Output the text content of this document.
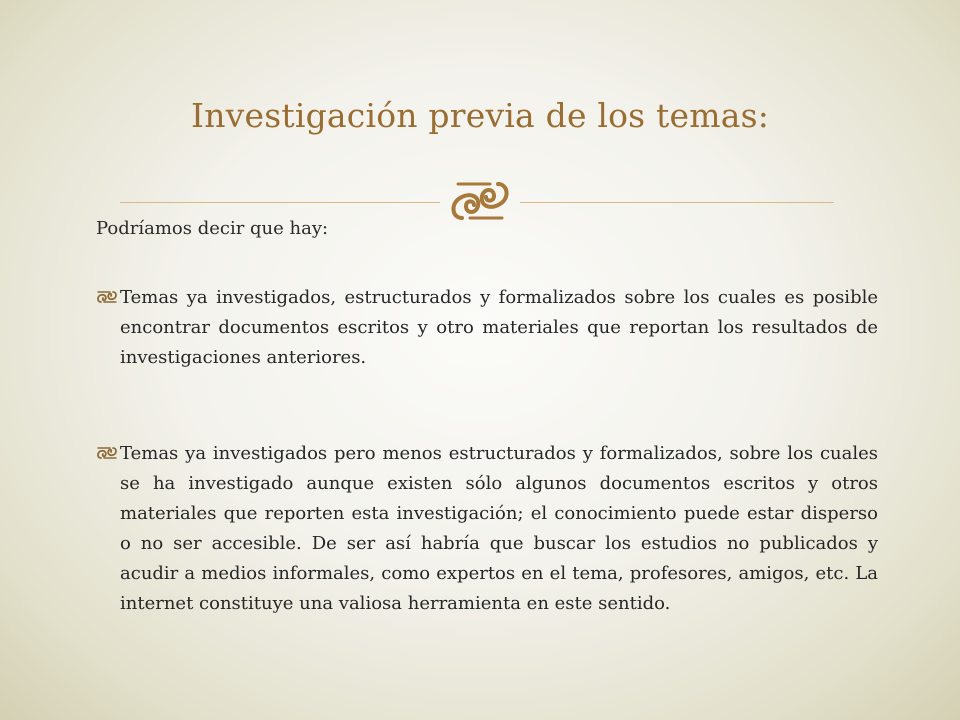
Investigación previa de los temas:
Podríamos decir que hay:
Temas ya investigados, estructurados y formalizados sobre los cuales es posible encontrar documentos escritos y otro materiales que reportan los resultados de investigaciones anteriores.
Temas ya investigados pero menos estructurados y formalizados, sobre los cuales se ha investigado aunque existen sólo algunos documentos escritos y otros materiales que reporten esta investigación; el conocimiento puede estar disperso o no ser accesible. De ser así habría que buscar los estudios no publicados y acudir a medios informales, como expertos en el tema, profesores, amigos, etc. La internet constituye una valiosa herramienta en este sentido.
